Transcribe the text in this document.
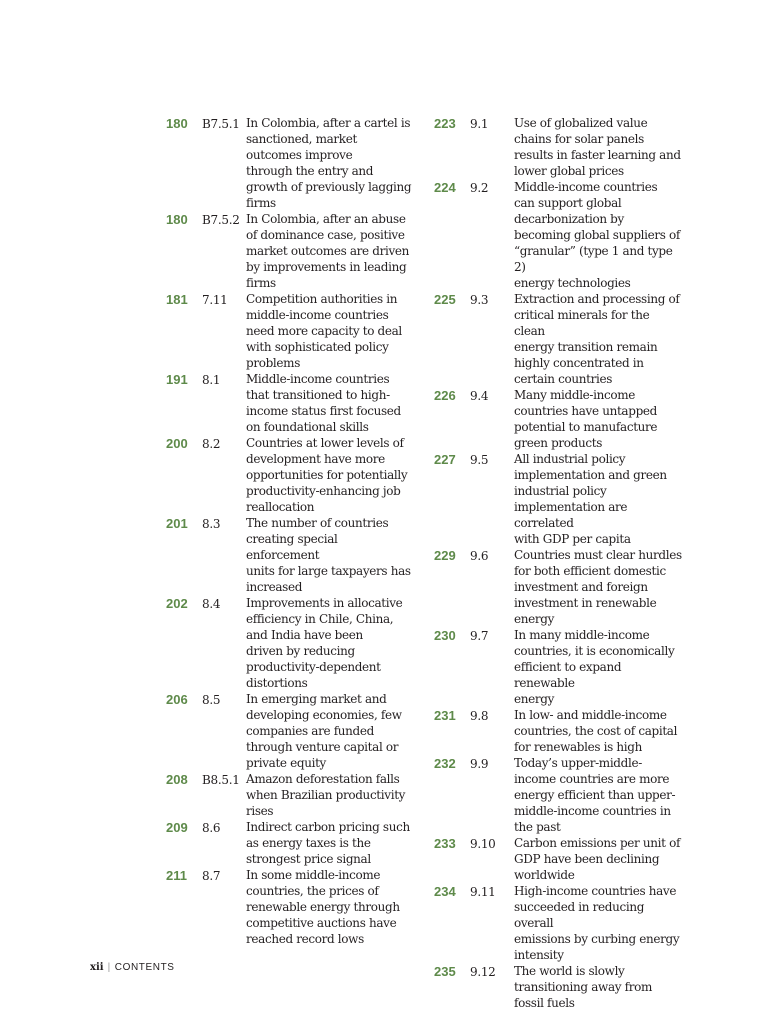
180	B7.5.1 In Colombia, after a cartel is
sanctioned, market
outcomes improve
through the entry and
growth of previously lagging
firms
180	B7.5.2 In Colombia, after an abuse
of dominance case, positive
market outcomes are driven
by improvements in leading
firms
181	7.11	Competition authorities in
middle-income countries
need more capacity to deal
with sophisticated policy
problems
191	8.1	Middle-income countries
that transitioned to high-
income status first focused
on foundational skills
200	8.2	Countries at lower levels of
development have more
opportunities for potentially
productivity-enhancing job
reallocation
201	8.3	The number of countries
creating special enforcement
units for large taxpayers has
increased
202	8.4	Improvements in allocative
efficiency in Chile, China,
and India have been
driven by reducing
productivity-dependent
distortions
206	8.5	In emerging market and
developing economies, few
companies are funded
through venture capital or
private equity
208	B8.5.1 Amazon deforestation falls
when Brazilian productivity
rises
209	8.6	Indirect carbon pricing such
as energy taxes is the
strongest price signal
211	8.7	In some middle-income
countries, the prices of
renewable energy through
competitive auctions have
reached record lows
223	9.1	Use of globalized value
chains for solar panels
results in faster learning and
lower global prices
224	9.2	Middle-income countries
can support global
decarbonization by
becoming global suppliers of
“granular” (type 1 and type 2)
energy technologies
225	9.3	Extraction and processing of
critical minerals for the clean
energy transition remain
highly concentrated in
certain countries
226	9.4	Many middle-income
countries have untapped
potential to manufacture
green products
227	9.5	All industrial policy
implementation and green
industrial policy
implementation are correlated
with GDP per capita
229	9.6	Countries must clear hurdles
for both efficient domestic
investment and foreign
investment in renewable
energy
230	9.7	In many middle-income
countries, it is economically
efficient to expand renewable
energy
231	9.8	In low- and middle-income
countries, the cost of capital
for renewables is high
232	9.9	Today’s upper-middle-
income countries are more
energy efficient than upper-
middle-income countries in
the past
233	9.10	Carbon emissions per unit of
GDP have been declining
worldwide
234	9.11	High-income countries have
succeeded in reducing overall
emissions by curbing energy
intensity
235	9.12	The world is slowly
transitioning away from
fossil fuels
xii | CONTENTS
